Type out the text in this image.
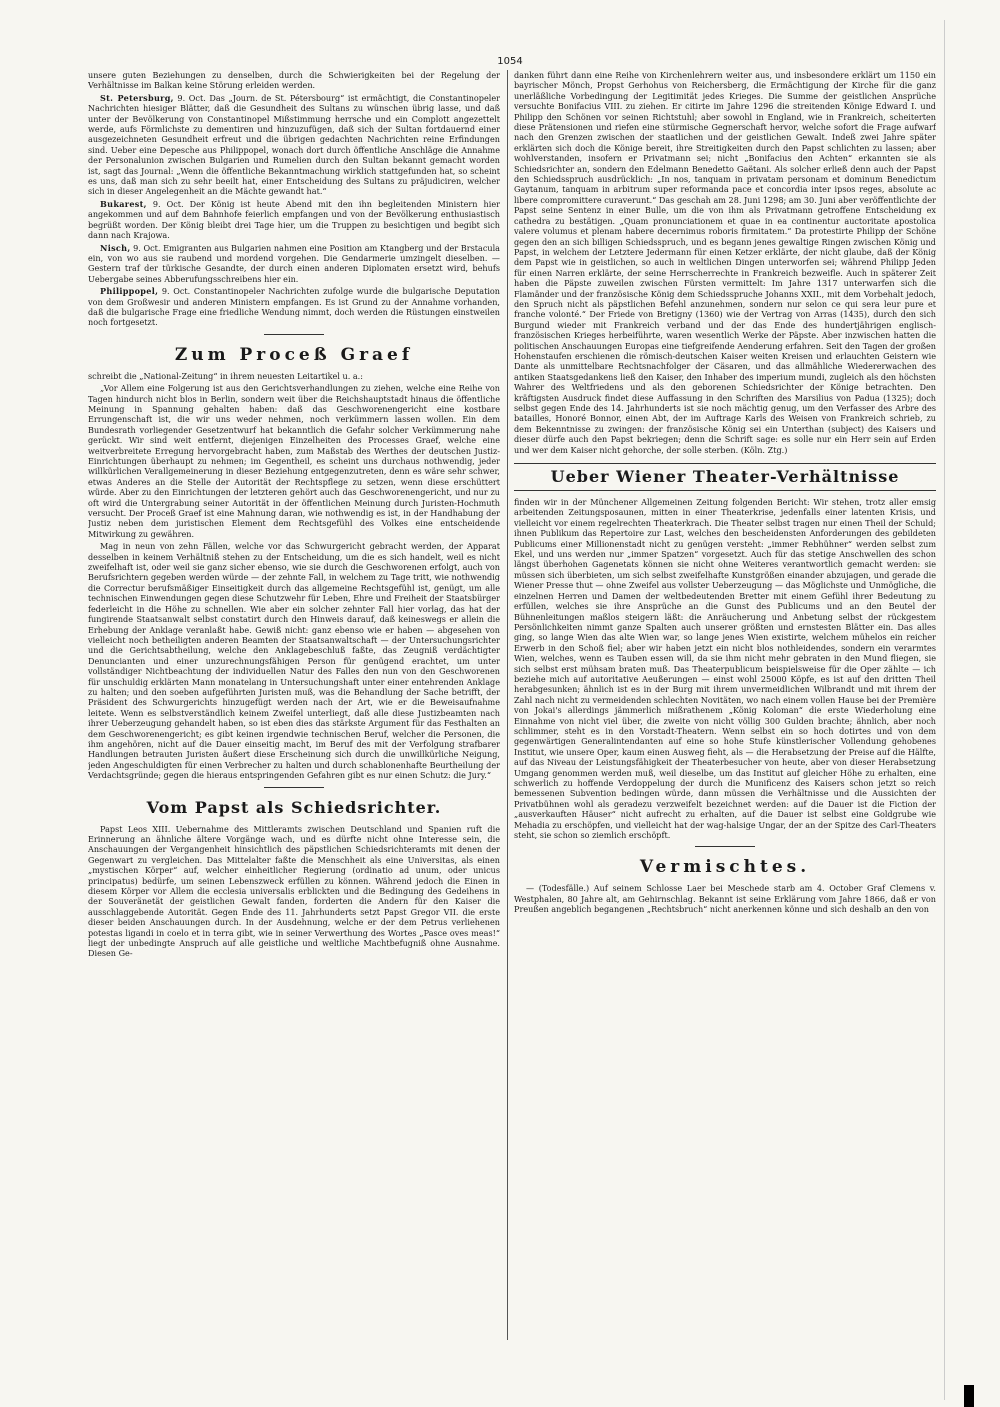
1054

unsere guten Beziehungen zu denselben, durch die Schwierigkeiten bei der Regelung der Verhältnisse im Balkan keine Störung erleiden werden.

St. Petersburg, 9. Oct. Das „Journ. de St. Pétersbourg“ ist ermächtigt, die Constantinopeler Nachrichten hiesiger Blätter, daß die Gesundheit des Sultans zu wünschen übrig lasse, und daß unter der Bevölkerung von Constantinopel Mißstimmung herrsche und ein Complott angezettelt werde, aufs Förmlichste zu dementiren und hinzuzufügen, daß sich der Sultan fortdauernd einer ausgezeichneten Gesundheit erfreut und die übrigen gedachten Nachrichten reine Erfindungen sind. Ueber eine Depesche aus Philippopel, wonach dort durch öffentliche Anschläge die Annahme der Personalunion zwischen Bulgarien und Rumelien durch den Sultan bekannt gemacht worden ist, sagt das Journal: „Wenn die öffentliche Bekanntmachung wirklich stattgefunden hat, so scheint es uns, daß man sich zu sehr beeilt hat, einer Entscheidung des Sultans zu präjudiciren, welcher sich in dieser Angelegenheit an die Mächte gewandt hat.“

Bukarest, 9. Oct. Der König ist heute Abend mit den ihn begleitenden Ministern hier angekommen und auf dem Bahnhofe feierlich empfangen und von der Bevölkerung enthusiastisch begrüßt worden. Der König bleibt drei Tage hier, um die Truppen zu besichtigen und begibt sich dann nach Krajowa.

Nisch, 9. Oct. Emigranten aus Bulgarien nahmen eine Position am Ktangberg und der Brstacula ein, von wo aus sie raubend und mordend vorgehen. Die Gendarmerie umzingelt dieselben. — Gestern traf der türkische Gesandte, der durch einen anderen Diplomaten ersetzt wird, behufs Uebergabe seines Abberufungsschreibens hier ein.

Philippopel, 9. Oct. Constantinopeler Nachrichten zufolge wurde die bulgarische Deputation von dem Großwesir und anderen Ministern empfangen. Es ist Grund zu der Annahme vorhanden, daß die bulgarische Frage eine friedliche Wendung nimmt, doch werden die Rüstungen einstweilen noch fortgesetzt.

Zum Proceß Graef

schreibt die „National-Zeitung“ in ihrem neuesten Leitartikel u. a.:

„Vor Allem eine Folgerung ist aus den Gerichtsverhandlungen zu ziehen, welche eine Reihe von Tagen hindurch nicht blos in Berlin, sondern weit über die Reichshauptstadt hinaus die öffentliche Meinung in Spannung gehalten haben: daß das Geschworenengericht eine kostbare Errungenschaft ist, die wir uns weder nehmen, noch verkümmern lassen wollen. Ein dem Bundesrath vorliegender Gesetzentwurf hat bekanntlich die Gefahr solcher Verkümmerung nahe gerückt. Wir sind weit entfernt, diejenigen Einzelheiten des Processes Graef, welche eine weitverbreitete Erregung hervorgebracht haben, zum Maßstab des Werthes der deutschen Justiz-Einrichtungen überhaupt zu nehmen; im Gegentheil, es scheint uns durchaus nothwendig, jeder willkürlichen Verallgemeinerung in dieser Beziehung entgegenzutreten, denn es wäre sehr schwer, etwas Anderes an die Stelle der Autorität der Rechtspflege zu setzen, wenn diese erschüttert würde. Aber zu den Einrichtungen der letzteren gehört auch das Geschworenengericht, und nur zu oft wird die Untergrabung seiner Autorität in der öffentlichen Meinung durch Juristen-Hochmuth versucht. Der Proceß Graef ist eine Mahnung daran, wie nothwendig es ist, in der Handhabung der Justiz neben dem juristischen Element dem Rechtsgefühl des Volkes eine entscheidende Mitwirkung zu gewähren.

Mag in neun von zehn Fällen, welche vor das Schwurgericht gebracht werden, der Apparat desselben in keinem Verhältniß stehen zu der Entscheidung, um die es sich handelt, weil es nicht zweifelhaft ist, oder weil sie ganz sicher ebenso, wie sie durch die Geschworenen erfolgt, auch von Berufsrichtern gegeben werden würde — der zehnte Fall, in welchem zu Tage tritt, wie nothwendig die Correctur berufsmäßiger Einseitigkeit durch das allgemeine Rechtsgefühl ist, genügt, um alle technischen Einwendungen gegen diese Schutzwehr für Leben, Ehre und Freiheit der Staatsbürger federleicht in die Höhe zu schnellen. Wie aber ein solcher zehnter Fall hier vorlag, das hat der fungirende Staatsanwalt selbst constatirt durch den Hinweis darauf, daß keineswegs er allein die Erhebung der Anklage veranlaßt habe. Gewiß nicht: ganz ebenso wie er haben — abgesehen von vielleicht noch betheiligten anderen Beamten der Staatsanwaltschaft — der Untersuchungsrichter und die Gerichtsabtheilung, welche den Anklagebeschluß faßte, das Zeugniß verdächtigter Denuncianten und einer unzurechnungsfähigen Person für genügend erachtet, um unter vollständiger Nichtbeachtung der individuellen Natur des Falles den nun von den Geschworenen für unschuldig erklärten Mann monatelang in Untersuchungshaft unter einer entehrenden Anklage zu halten; und den soeben aufgeführten Juristen muß, was die Behandlung der Sache betrifft, der Präsident des Schwurgerichts hinzugefügt werden nach der Art, wie er die Beweisaufnahme leitete. Wenn es selbstverständlich keinem Zweifel unterliegt, daß alle diese Justizbeamten nach ihrer Ueberzeugung gehandelt haben, so ist eben dies das stärkste Argument für das Festhalten an dem Geschworenengericht; es gibt keinen irgendwie technischen Beruf, welcher die Personen, die ihm angehören, nicht auf die Dauer einseitig macht, im Beruf des mit der Verfolgung strafbarer Handlungen betrauten Juristen äußert diese Erscheinung sich durch die unwillkürliche Neigung, jeden Angeschuldigten für einen Verbrecher zu halten und durch schablonenhafte Beurtheilung der Verdachtsgründe; gegen die hieraus entspringenden Gefahren gibt es nur einen Schutz: die Jury.“

Vom Papst als Schiedsrichter.

Papst Leos XIII. Uebernahme des Mittleramts zwischen Deutschland und Spanien ruft die Erinnerung an ähnliche ältere Vorgänge wach, und es dürfte nicht ohne Interesse sein, die Anschauungen der Vergangenheit hinsichtlich des päpstlichen Schiedsrichteramts mit denen der Gegenwart zu vergleichen. Das Mittelalter faßte die Menschheit als eine Universitas, als einen „mystischen Körper“ auf, welcher einheitlicher Regierung (ordinatio ad unum, oder unicus principatus) bedürfe, um seinen Lebenszweck erfüllen zu können. Während jedoch die Einen in diesem Körper vor Allem die ecclesia universalis erblickten und die Bedingung des Gedeihens in der Souveränetät der geistlichen Gewalt fanden, forderten die Andern für den Kaiser die ausschlaggebende Autorität. Gegen Ende des 11. Jahrhunderts setzt Papst Gregor VII. die erste dieser beiden Anschauungen durch. In der Ausdehnung, welche er der dem Petrus verliehenen potestas ligandi in coelo et in terra gibt, wie in seiner Verwerthung des Wortes „Pasce oves meas!“ liegt der unbedingte Anspruch auf alle geistliche und weltliche Machtbefugniß ohne Ausnahme. Diesen Ge-

danken führt dann eine Reihe von Kirchenlehrern weiter aus, und insbesondere erklärt um 1150 ein bayrischer Mönch, Propst Gerhohus von Reichersberg, die Ermächtigung der Kirche für die ganz unerläßliche Vorbedingung der Legitimität jedes Krieges. Die Summe der geistlichen Ansprüche versuchte Bonifacius VIII. zu ziehen. Er citirte im Jahre 1296 die streitenden Könige Edward I. und Philipp den Schönen vor seinen Richtstuhl; aber sowohl in England, wie in Frankreich, scheiterten diese Prätensionen und riefen eine stürmische Gegnerschaft hervor, welche sofort die Frage aufwarf nach den Grenzen zwischen der staatlichen und der geistlichen Gewalt. Indeß zwei Jahre später erklärten sich doch die Könige bereit, ihre Streitigkeiten durch den Papst schlichten zu lassen; aber wohlverstanden, insofern er Privatmann sei; nicht „Bonifacius den Achten“ erkannten sie als Schiedsrichter an, sondern den Edelmann Benedetto Gaëtani. Als solcher erließ denn auch der Papst den Schiedsspruch ausdrücklich: „In nos, tanquam in privatam personam et dominum Benedictum Gaytanum, tanquam in arbitrum super reformanda pace et concordia inter ipsos reges, absolute ac libere compromittere curaverunt.“ Das geschah am 28. Juni 1298; am 30. Juni aber veröffentlichte der Papst seine Sentenz in einer Bulle, um die von ihm als Privatmann getroffene Entscheidung ex cathedra zu bestätigen. „Quam pronunciationem et quae in ea continentur auctoritate apostolica valere volumus et plenam habere decernimus roboris firmitatem.“ Da protestirte Philipp der Schöne gegen den an sich billigen Schiedsspruch, und es begann jenes gewaltige Ringen zwischen König und Papst, in welchem der Letztere Jedermann für einen Ketzer erklärte, der nicht glaube, daß der König dem Papst wie in geistlichen, so auch in weltlichen Dingen unterworfen sei; während Philipp Jeden für einen Narren erklärte, der seine Herrscherrechte in Frankreich bezweifle. Auch in späterer Zeit haben die Päpste zuweilen zwischen Fürsten vermittelt: Im Jahre 1317 unterwarfen sich die Flamänder und der französische König dem Schiedsspruche Johanns XXII., mit dem Vorbehalt jedoch, den Spruch nicht als päpstlichen Befehl anzunehmen, sondern nur selon ce qui sera leur pure et franche volonté.“ Der Friede von Bretigny (1360) wie der Vertrag von Arras (1435), durch den sich Burgund wieder mit Frankreich verband und der das Ende des hundertjährigen englisch-französischen Krieges herbeiführte, waren wesentlich Werke der Päpste. Aber inzwischen hatten die politischen Anschauungen Europas eine tiefgreifende Aenderung erfahren. Seit den Tagen der großen Hohenstaufen erschienen die römisch-deutschen Kaiser weiten Kreisen und erlauchten Geistern wie Dante als unmittelbare Rechtsnachfolger der Cäsaren, und das allmähliche Wiedererwachen des antiken Staatsgedankens ließ den Kaiser, den Inhaber des imperium mundi, zugleich als den höchsten Wahrer des Weltfriedens und als den geborenen Schiedsrichter der Könige betrachten. Den kräftigsten Ausdruck findet diese Auffassung in den Schriften des Marsilius von Padua (1325); doch selbst gegen Ende des 14. Jahrhunderts ist sie noch mächtig genug, um den Verfasser des Arbre des batailles, Honoré Bonnor, einen Abt, der im Auftrage Karls des Weisen von Frankreich schrieb, zu dem Bekenntnisse zu zwingen: der französische König sei ein Unterthan (subject) des Kaisers und dieser dürfe auch den Papst bekriegen; denn die Schrift sage: es solle nur ein Herr sein auf Erden und wer dem Kaiser nicht gehorche, der solle sterben. (Köln. Ztg.)

Ueber Wiener Theater-Verhältnisse

finden wir in der Münchener Allgemeinen Zeitung folgenden Bericht: Wir stehen, trotz aller emsig arbeitenden Zeitungsposaunen, mitten in einer Theaterkrise, jedenfalls einer latenten Krisis, und vielleicht vor einem regelrechten Theaterkrach. Die Theater selbst tragen nur einen Theil der Schuld; ihnen Publikum das Repertoire zur Last, welches den bescheidensten Anforderungen des gebildeten Publicums einer Millionenstadt nicht zu genügen versteht: „immer Rebhühner“ werden selbst zum Ekel, und uns werden nur „immer Spatzen“ vorgesetzt. Auch für das stetige Anschwellen des schon längst überhohen Gagenetats können sie nicht ohne Weiteres verantwortlich gemacht werden: sie müssen sich überbieten, um sich selbst zweifelhafte Kunstgrößen einander abzujagen, und gerade die Wiener Presse thut — ohne Zweifel aus vollster Ueberzeugung — das Möglichste und Unmögliche, die einzelnen Herren und Damen der weltbedeutenden Bretter mit einem Gefühl ihrer Bedeutung zu erfüllen, welches sie ihre Ansprüche an die Gunst des Publicums und an den Beutel der Bühnenleitungen maßlos steigern läßt: die Anräucherung und Anbetung selbst der rückgestem Persönlichkeiten nimmt ganze Spalten auch unserer größten und ernstesten Blätter ein. Das alles ging, so lange Wien das alte Wien war, so lange jenes Wien existirte, welchem mühelos ein reicher Erwerb in den Schoß fiel; aber wir haben jetzt ein nicht blos nothleidendes, sondern ein verarmtes Wien, welches, wenn es Tauben essen will, da sie ihm nicht mehr gebraten in den Mund fliegen, sie sich selbst erst mühsam braten muß. Das Theaterpublicum beispielsweise für die Oper zählte — ich beziehe mich auf autoritative Aeußerungen — einst wohl 25000 Köpfe, es ist auf den dritten Theil herabgesunken; ähnlich ist es in der Burg mit ihrem unvermeidlichen Wilbrandt und mit ihrem der Zahl nach nicht zu vermeidenden schlechten Novitäten, wo nach einem vollen Hause bei der Première von Jokai's allerdings jämmerlich mißrathenem „König Koloman“ die erste Wiederholung eine Einnahme von nicht viel über, die zweite von nicht völlig 300 Gulden brachte; ähnlich, aber noch schlimmer, steht es in den Vorstadt-Theatern. Wenn selbst ein so hoch dotirtes und von dem gegenwärtigen Generalintendanten auf eine so hohe Stufe künstlerischer Vollendung gehobenes Institut, wie unsere Oper, kaum einen Ausweg fieht, als — die Herabsetzung der Preise auf die Hälfte, auf das Niveau der Leistungsfähigkeit der Theaterbesucher von heute, aber von dieser Herabsetzung Umgang genommen werden muß, weil dieselbe, um das Institut auf gleicher Höhe zu erhalten, eine schwerlich zu hoffende Verdoppelung der durch die Munificenz des Kaisers schon jetzt so reich bemessenen Subvention bedingen würde, dann müssen die Verhältnisse und die Aussichten der Privatbühnen wohl als geradezu verzweifelt bezeichnet werden: auf die Dauer ist die Fiction der „ausverkauften Häuser“ nicht aufrecht zu erhalten, auf die Dauer ist selbst eine Goldgrube wie Mehadia zu erschöpfen, und vielleicht hat der wag-halsige Ungar, der an der Spitze des Carl-Theaters steht, sie schon so ziemlich erschöpft.

Vermischtes.

— (Todesfälle.) Auf seinem Schlosse Laer bei Meschede starb am 4. October Graf Clemens v. Westphalen, 80 Jahre alt, am Gehirnschlag. Bekannt ist seine Erklärung vom Jahre 1866, daß er von Preußen angeblich begangenen „Rechtsbruch“ nicht anerkennen könne und sich deshalb an den von
